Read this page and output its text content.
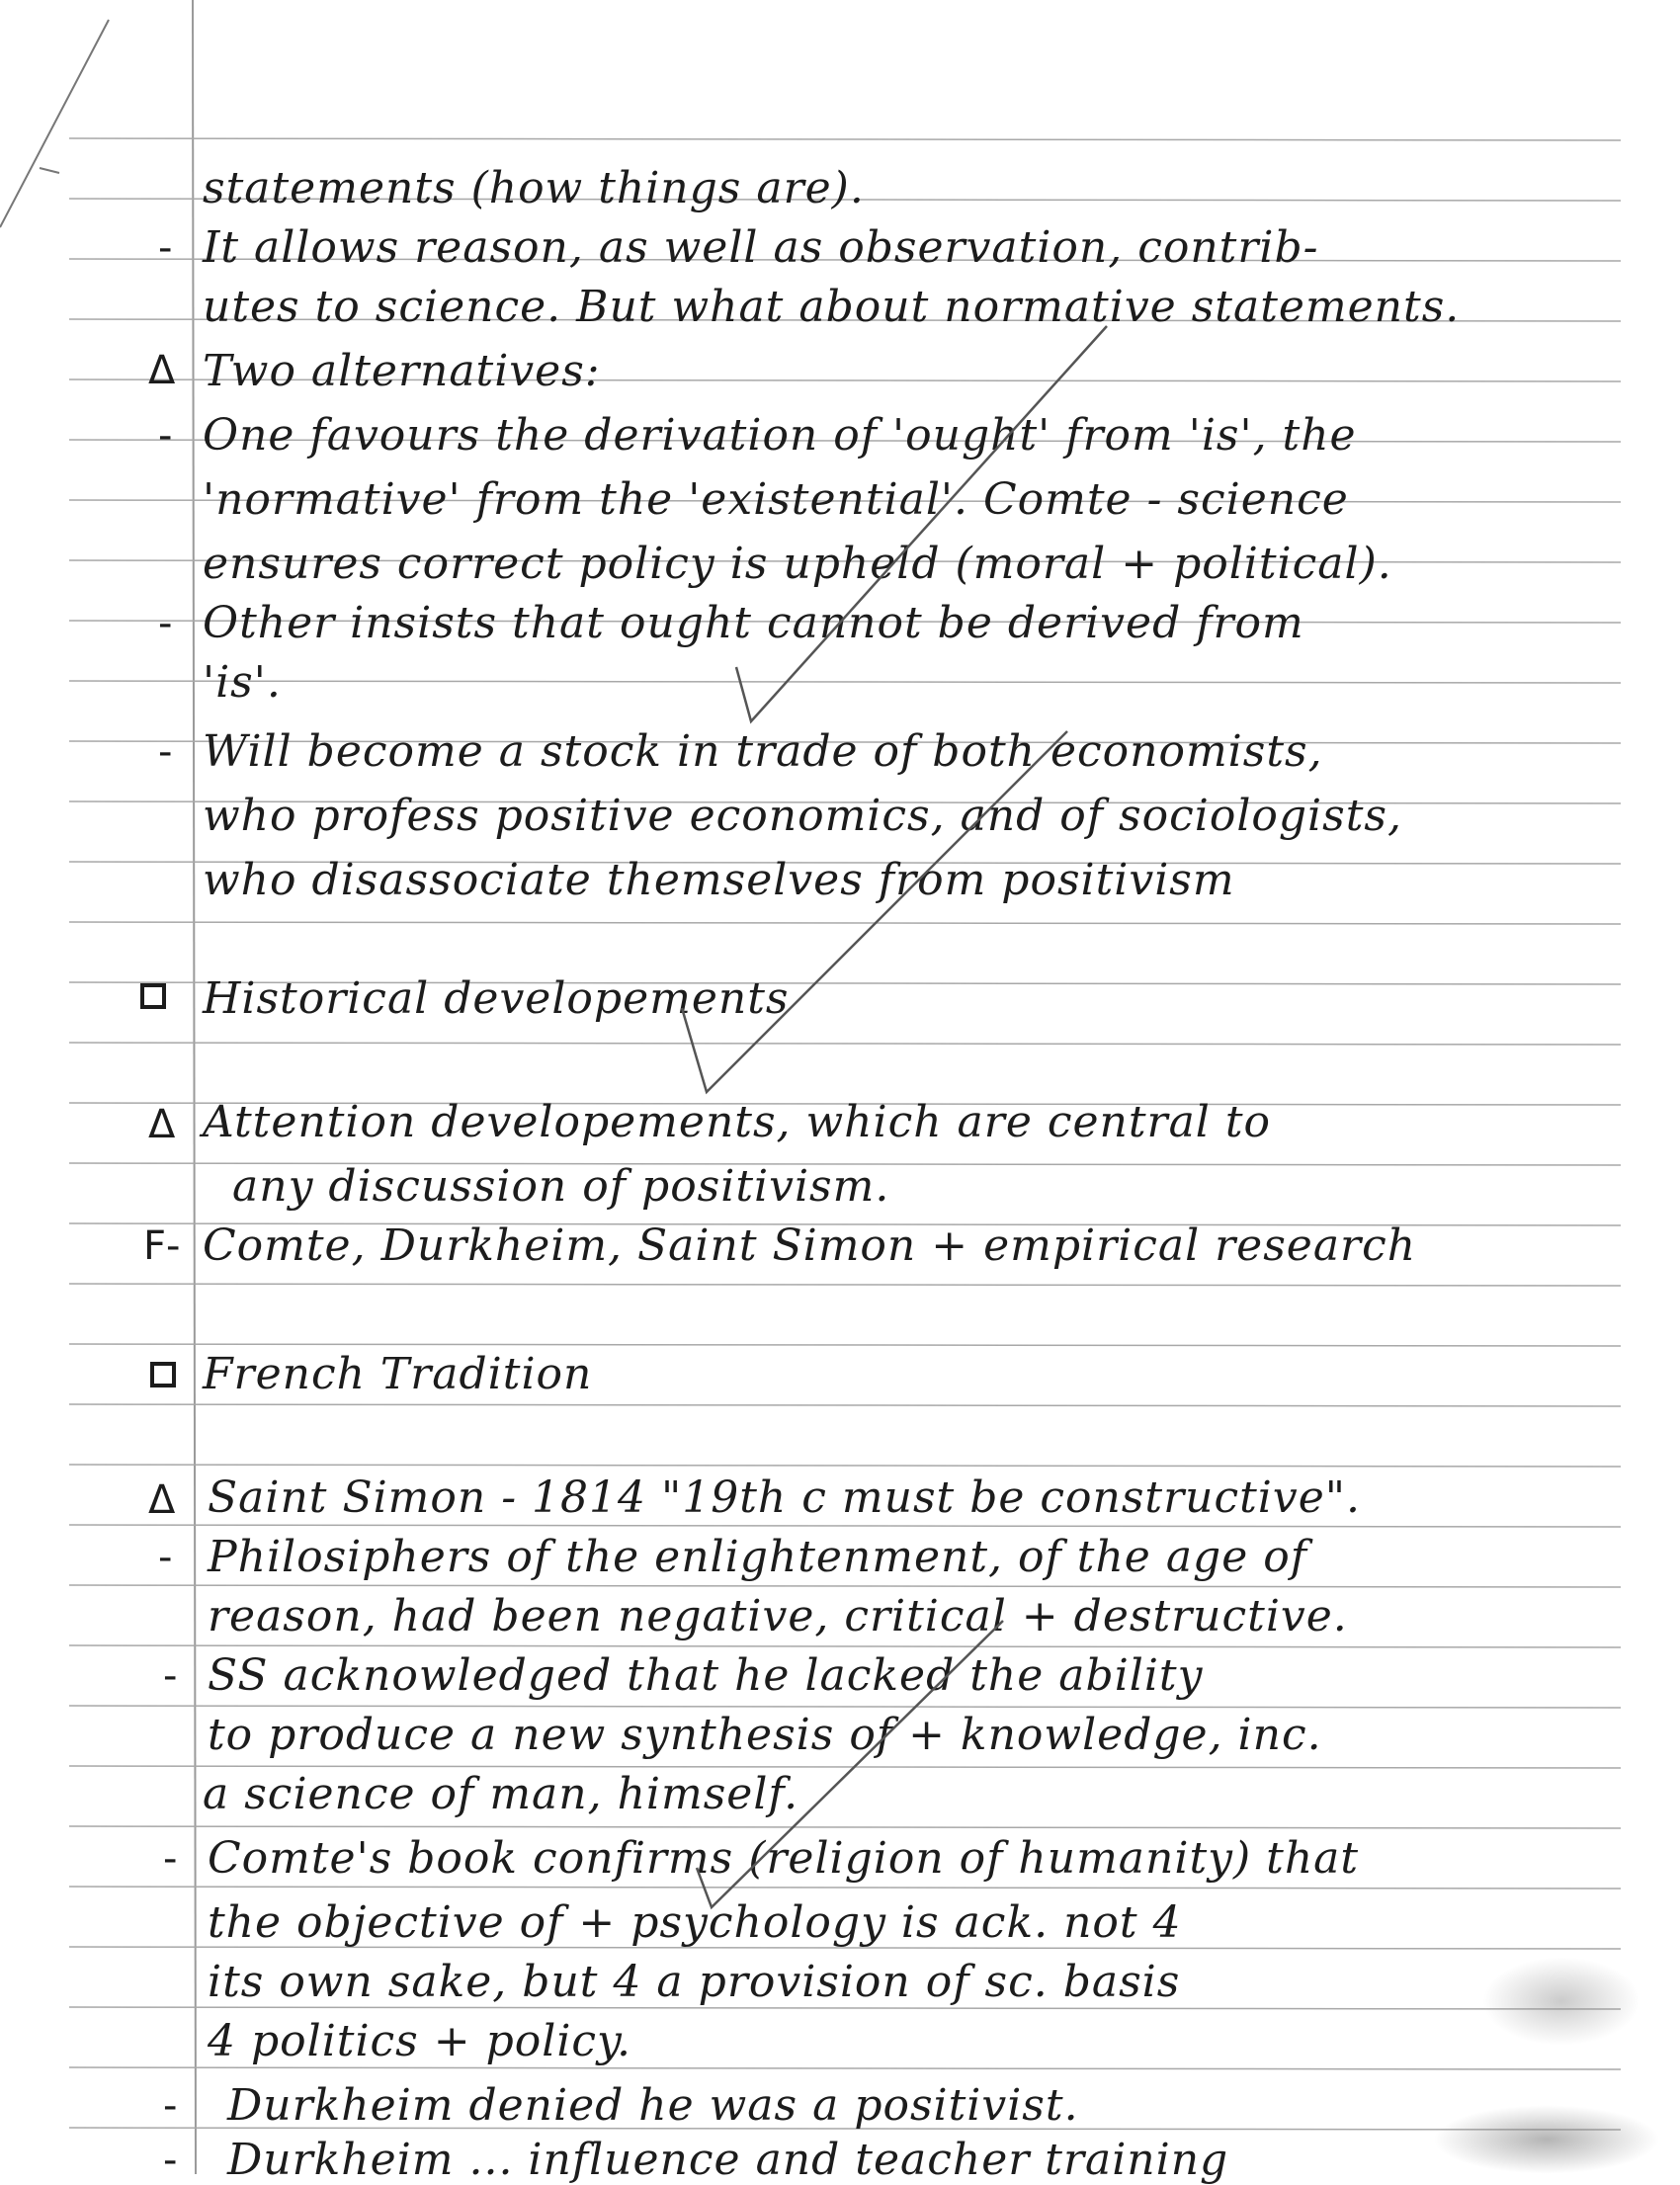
statements (how things are).
- It allows reason, as well as observation, contrib-
utes to science. But what about normative statements.
Δ Two alternatives:
- One favours the derivation of 'ought' from 'is', the
'normative' from the 'existential'. Comte - science
ensures correct policy is upheld (moral + political).
- Other insists that ought cannot be derived from
'is'.
- Will become a stock in trade of both economists,
who profess positive economics, and of sociologists,
who disassociate themselves from positivism
Historical developements
Δ Attention developements, which are central to
any discussion of positivism.
F- Comte, Durkheim, Saint Simon + empirical research
French Tradition
Δ Saint Simon - 1814 "19th c must be constructive".
- Philosiphers of the enlightenment, of the age of
reason, had been negative, critical + destructive.
- SS acknowledged that he lacked the ability
to produce a new synthesis of + knowledge, inc.
a science of man, himself.
- Comte's book confirms (religion of humanity) that
the objective of + psychology is ack. not 4
its own sake, but 4 a provision of sc. basis
4 politics + policy.
- Durkheim denied he was a positivist.
- Durkheim ... influence and teacher training
